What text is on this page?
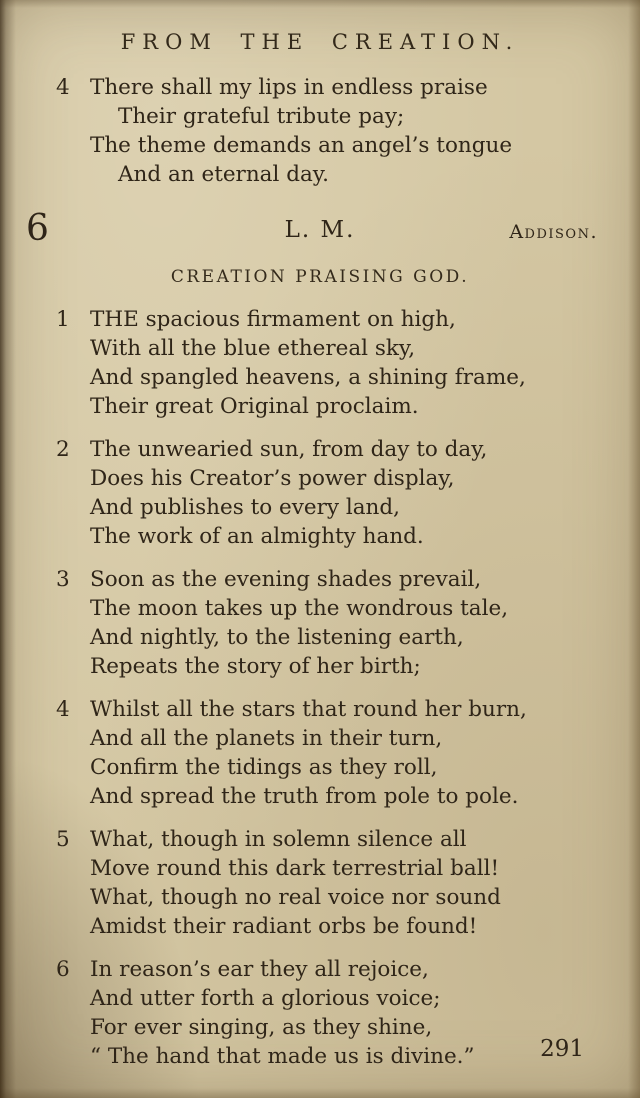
FROM THE CREATION.
4 There shall my lips in endless praise
Their grateful tribute pay;
The theme demands an angel’s tongue
And an eternal day.
6	L. M.	Addison.
CREATION PRAISING GOD.
1 THE spacious firmament on high,
With all the blue ethereal sky,
And spangled heavens, a shining frame,
Their great Original proclaim.
2 The unwearied sun, from day to day,
Does his Creator’s power display,
And publishes to every land,
The work of an almighty hand.
3 Soon as the evening shades prevail,
The moon takes up the wondrous tale,
And nightly, to the listening earth,
Repeats the story of her birth;
4 Whilst all the stars that round her burn,
And all the planets in their turn,
Confirm the tidings as they roll,
And spread the truth from pole to pole.
5 What, though in solemn silence all
Move round this dark terrestrial ball!
What, though no real voice nor sound
Amidst their radiant orbs be found!
6 In reason’s ear they all rejoice,
And utter forth a glorious voice;
For ever singing, as they shine,
“ The hand that made us is divine.”	291
